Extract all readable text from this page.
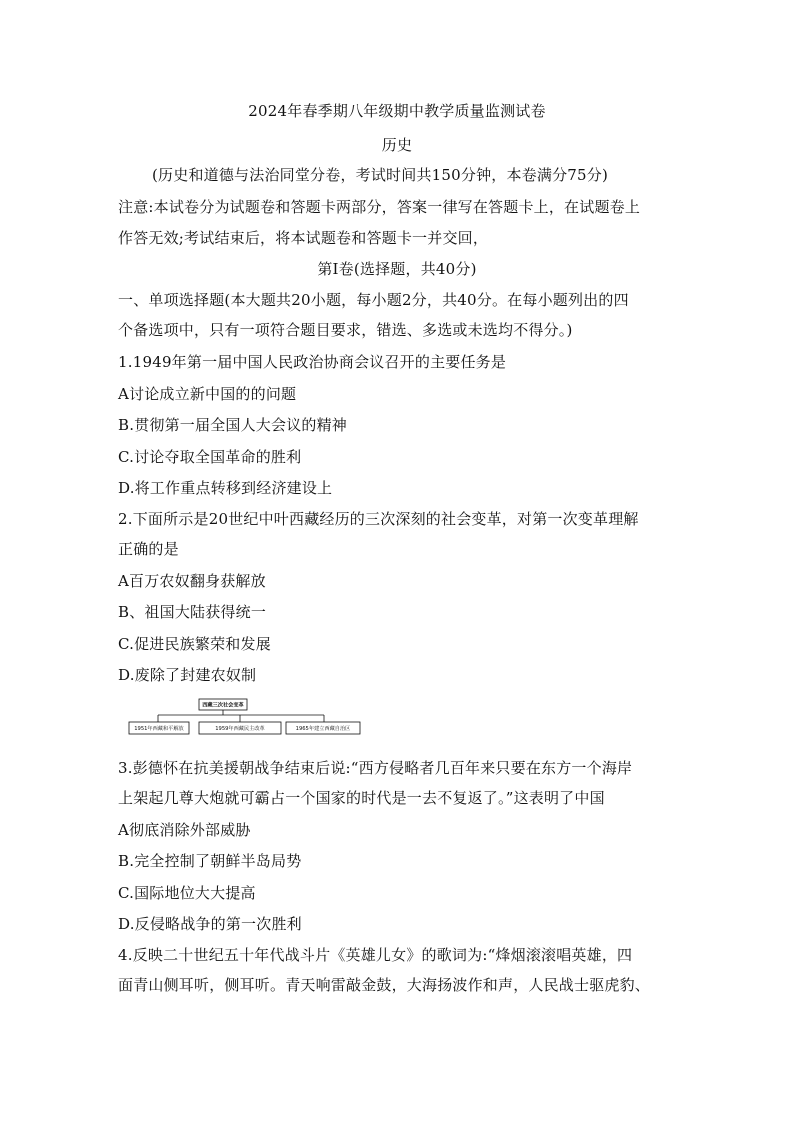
2024年春季期八年级期中教学质量监测试卷
历史
(历史和道德与法治同堂分卷，考试时间共150分钟，本卷满分75分)
注意:本试卷分为试题卷和答题卡两部分，答案一律写在答题卡上，在试题卷上
作答无效;考试结束后，将本试题卷和答题卡一并交回，
第I卷(选择题，共40分)
一、单项选择题(本大题共20小题，每小题2分，共40分。在每小题列出的四
个备选项中，只有一项符合题目要求，错选、多选或未选均不得分。)
1.1949年第一届中国人民政治协商会议召开的主要任务是
A讨论成立新中国的的问题
B.贯彻第一届全国人大会议的精神
C.讨论夺取全国革命的胜利
D.将工作重点转移到经济建设上
2.下面所示是20世纪中叶西藏经历的三次深刻的社会变革，对第一次变革理解
正确的是
A百万农奴翻身获解放
B、祖国大陆获得统一
C.促进民族繁荣和发展
D.废除了封建农奴制
西藏三次社会变革
1951年西藏和平解放	1959年西藏民主改革	1965年建立西藏自治区
3.彭德怀在抗美援朝战争结束后说:“西方侵略者几百年来只要在东方一个海岸
上架起几尊大炮就可霸占一个国家的时代是一去不复返了。”这表明了中国
A彻底消除外部威胁
B.完全控制了朝鲜半岛局势
C.国际地位大大提高
D.反侵略战争的第一次胜利
4.反映二十世纪五十年代战斗片《英雄儿女》的歌词为:“烽烟滚滚唱英雄，四
面青山侧耳听，侧耳听。青天响雷敲金鼓，大海扬波作和声，人民战士驱虎豹、
